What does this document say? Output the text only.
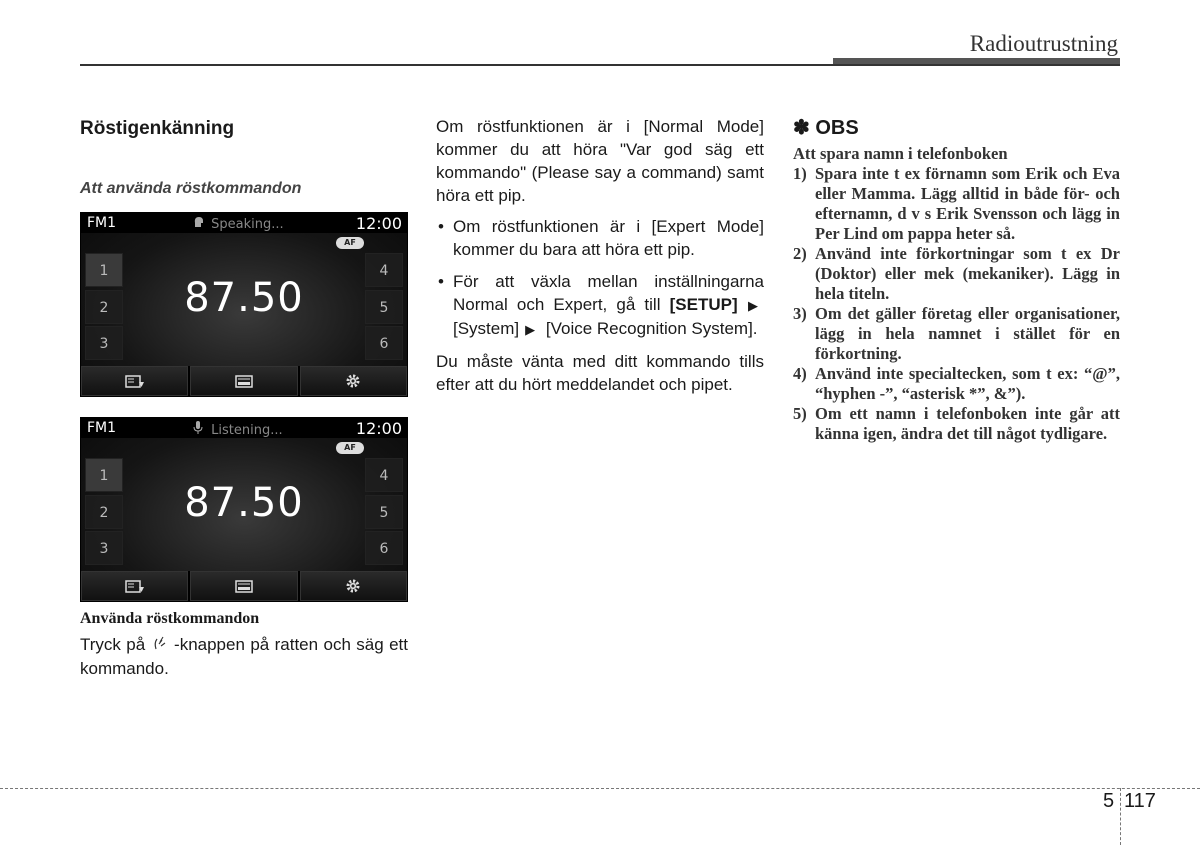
Radioutrustning
Röstigenkänning
Att använda röstkommandon
FM1	Speaking...	12:00
AF
1
2
3
4
5
6
87.50
FM1	Listening...	12:00
AF
1
2
3
4
5
6
87.50
Använda röstkommandon
Tryck på -knappen på ratten och säg ett kommando.

Om röstfunktionen är i [Normal Mode] kommer du att höra "Var god säg ett kommando" (Please say a command) samt höra ett pip.

• Om röstfunktionen är i [Expert Mode] kommer du bara att höra ett pip.
• För att växla mellan inställningarna Normal och Expert, gå till [SETUP] ▶ [System] ▶ [Voice Recognition System].

Du måste vänta med ditt kommando tills efter att du hört meddelandet och pipet.

✽ OBS
Att spara namn i telefonboken
1) Spara inte t ex förnamn som Erik och Eva eller Mamma. Lägg alltid in både för- och efternamn, d v s Erik Svensson och lägg in Per Lind om pappa heter så.
2) Använd inte förkortningar som t ex Dr (Doktor) eller mek (mekaniker). Lägg in hela titeln.
3) Om det gäller företag eller organisationer, lägg in hela namnet i stället för en förkortning.
4) Använd inte specialtecken, som t ex: “@”, “hyphen -”, “asterisk *”, &”).
5) Om ett namn i telefonboken inte går att känna igen, ändra det till något tydligare.
5 117
